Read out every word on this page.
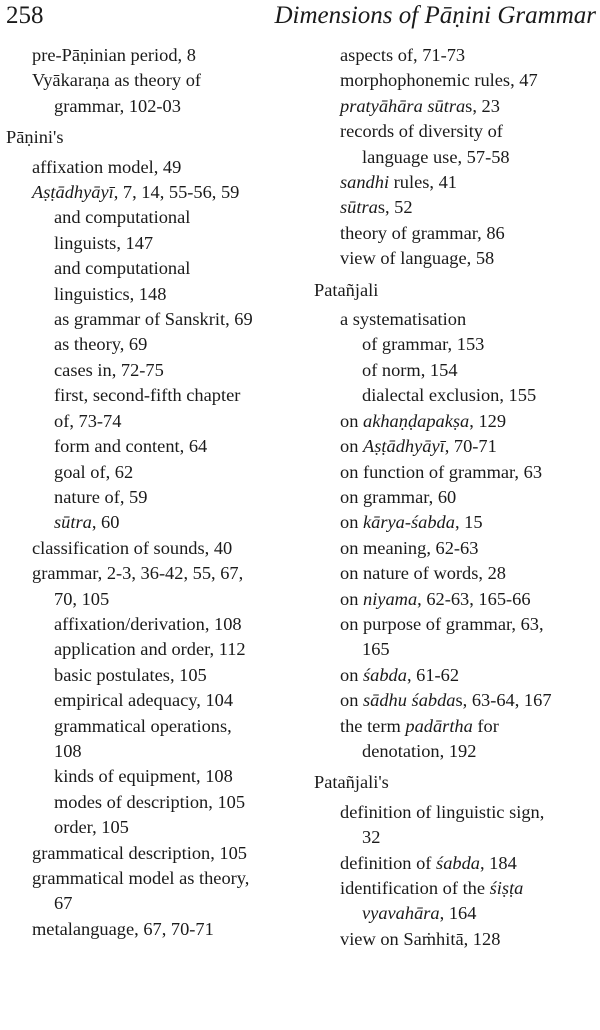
258	Dimensions of Pāṇini Grammar
pre-Pāṇinian period, 8
Vyākaraṇa as theory of
grammar, 102-03
Pāṇini's
affixation model, 49
Aṣṭādhyāyī, 7, 14, 55-56, 59
and computational
linguists, 147
and computational
linguistics, 148
as grammar of Sanskrit, 69
as theory, 69
cases in, 72-75
first, second-fifth chapter
of, 73-74
form and content, 64
goal of, 62
nature of, 59
sūtra, 60
classification of sounds, 40
grammar, 2-3, 36-42, 55, 67,
70, 105
affixation/derivation, 108
application and order, 112
basic postulates, 105
empirical adequacy, 104
grammatical operations,
108
kinds of equipment, 108
modes of description, 105
order, 105
grammatical description, 105
grammatical model as theory,
67
metalanguage, 67, 70-71
aspects of, 71-73
morphophonemic rules, 47
pratyāhāra sūtras, 23
records of diversity of
language use, 57-58
sandhi rules, 41
sūtras, 52
theory of grammar, 86
view of language, 58
Patañjali
a systematisation
of grammar, 153
of norm, 154
dialectal exclusion, 155
on akhaṇḍapakṣa, 129
on Aṣṭādhyāyī, 70-71
on function of grammar, 63
on grammar, 60
on kārya-śabda, 15
on meaning, 62-63
on nature of words, 28
on niyama, 62-63, 165-66
on purpose of grammar, 63,
165
on śabda, 61-62
on sādhu śabdas, 63-64, 167
the term padārtha for
denotation, 192
Patañjali's
definition of linguistic sign,
32
definition of śabda, 184
identification of the śiṣṭa
vyavahāra, 164
view on Saṁhitā, 128
